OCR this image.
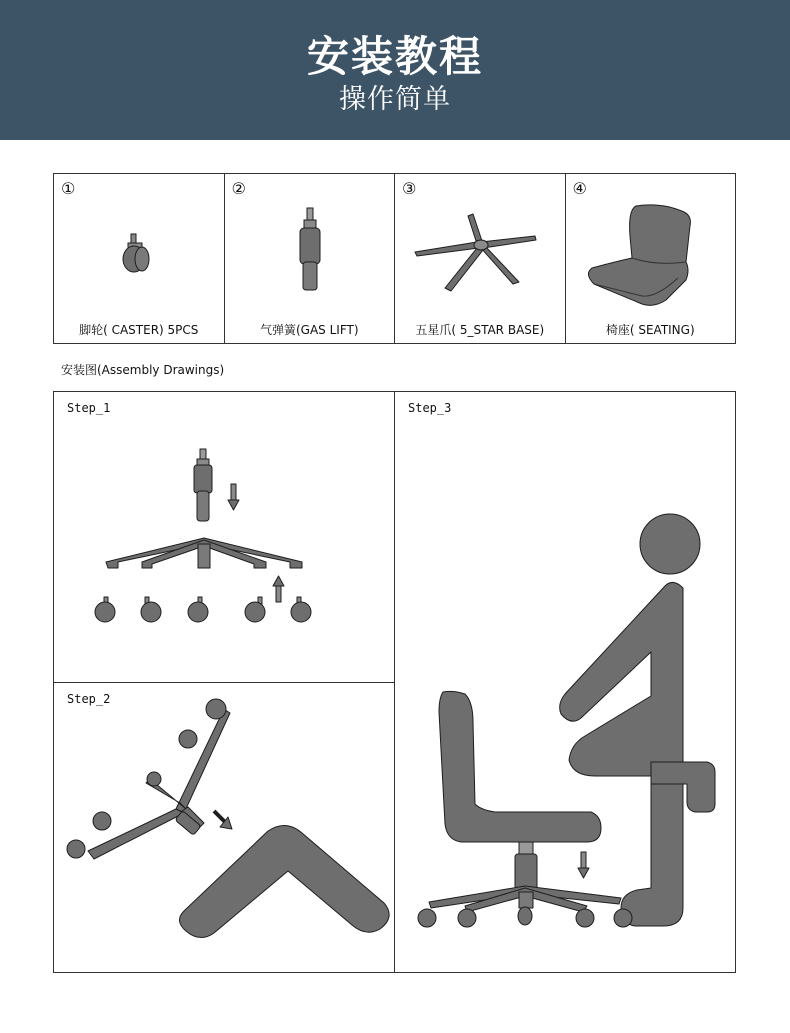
安装教程
操作简单
①
脚轮( CASTER) 5PCS
②
气弹簧(GAS LIFT)
③
五星爪( 5_STAR BASE)
④
椅座( SEATING)
安装图(Assembly Drawings)
Step_1
Step_2
Step_3
